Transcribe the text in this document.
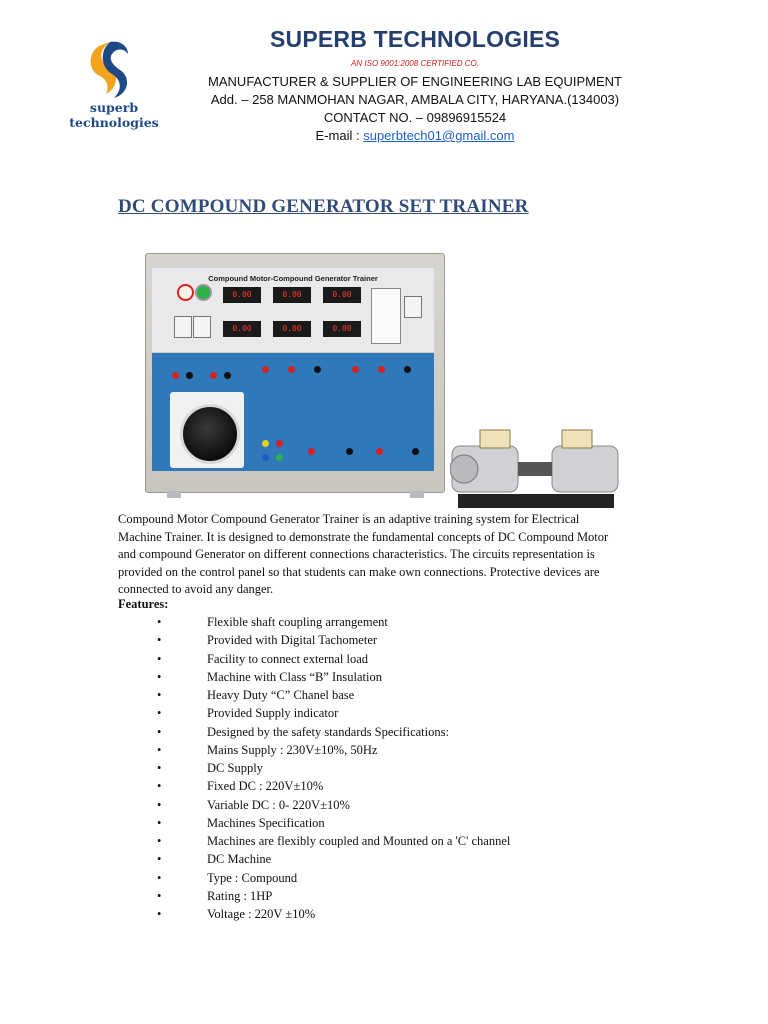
superb technologies
SUPERB TECHNOLOGIES
AN ISO 9001:2008 CERTIFIED CO.
MANUFACTURER & SUPPLIER OF ENGINEERING LAB EQUIPMENT
Add. – 258 MANMOHAN NAGAR, AMBALA CITY, HARYANA.(134003)
CONTACT NO. – 09896915524
E-mail : superbtech01@gmail.com
DC COMPOUND GENERATOR SET TRAINER
Compound Motor-Compound Generator Trainer
0.00	0.00	0.00
0.00	0.00	0.00
Compound Motor Compound Generator Trainer is an adaptive training system for Electrical
Machine Trainer. It is designed to demonstrate the fundamental concepts of DC Compound Motor
and compound Generator on different connections characteristics. The circuits representation is
provided on the control panel so that students can make own connections. Protective devices are
connected to avoid any danger.
Features:
•	Flexible shaft coupling arrangement
•	Provided with Digital Tachometer
•	Facility to connect external load
•	Machine with Class “B” Insulation
•	Heavy Duty “C” Chanel base
•	Provided Supply indicator
•	Designed by the safety standards Specifications:
•	Mains Supply : 230V±10%, 50Hz
•	DC Supply
•	Fixed DC : 220V±10%
•	Variable DC : 0- 220V±10%
•	Machines Specification
•	Machines are flexibly coupled and Mounted on a 'C' channel
•	DC Machine
•	Type : Compound
•	Rating : 1HP
•	Voltage : 220V ±10%
